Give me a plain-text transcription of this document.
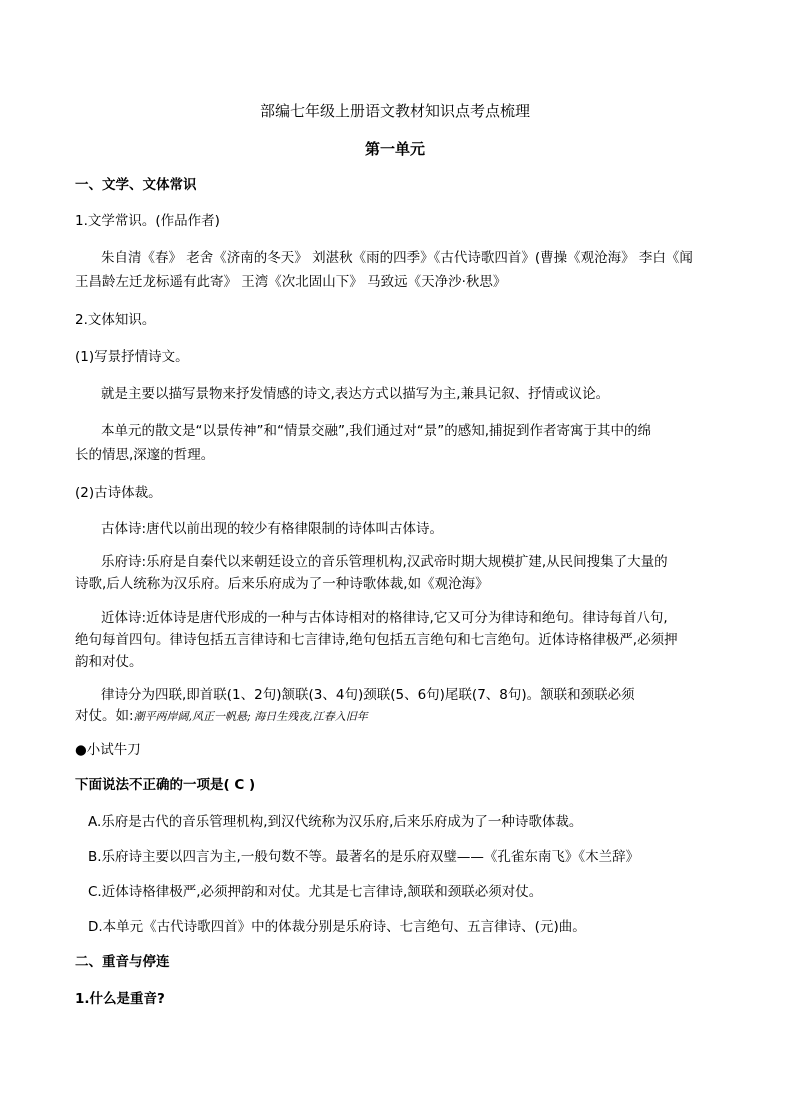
部编七年级上册语文教材知识点考点梳理
第一单元
一、文学、文体常识
1.文学常识。(作品作者)
朱自清《春》 老舍《济南的冬天》 刘湛秋《雨的四季》《古代诗歌四首》(曹操《观沧海》 李白《闻
王昌龄左迁龙标遥有此寄》 王湾《次北固山下》 马致远《天净沙·秋思》
2.文体知识。
(1)写景抒情诗文。
就是主要以描写景物来抒发情感的诗文,表达方式以描写为主,兼具记叙、抒情或议论。
本单元的散文是“以景传神”和“情景交融”,我们通过对“景”的感知,捕捉到作者寄寓于其中的绵
长的情思,深邃的哲理。
(2)古诗体裁。
古体诗:唐代以前出现的较少有格律限制的诗体叫古体诗。
乐府诗:乐府是自秦代以来朝廷设立的音乐管理机构,汉武帝时期大规模扩建,从民间搜集了大量的
诗歌,后人统称为汉乐府。后来乐府成为了一种诗歌体裁,如《观沧海》
近体诗:近体诗是唐代形成的一种与古体诗相对的格律诗,它又可分为律诗和绝句。律诗每首八句,
绝句每首四句。律诗包括五言律诗和七言律诗,绝句包括五言绝句和七言绝句。近体诗格律极严,必须押
韵和对仗。
律诗分为四联,即首联(1、2句)颔联(3、4句)颈联(5、6句)尾联(7、8句)。颔联和颈联必须
对仗。如:潮平两岸阔,风正一帆悬; 海日生残夜,江春入旧年
●小试牛刀
下面说法不正确的一项是( C )
A.乐府是古代的音乐管理机构,到汉代统称为汉乐府,后来乐府成为了一种诗歌体裁。
B.乐府诗主要以四言为主,一般句数不等。最著名的是乐府双璧——《孔雀东南飞》《木兰辞》
C.近体诗格律极严,必须押韵和对仗。尤其是七言律诗,颔联和颈联必须对仗。
D.本单元《古代诗歌四首》中的体裁分别是乐府诗、七言绝句、五言律诗、(元)曲。
二、重音与停连
1.什么是重音?
